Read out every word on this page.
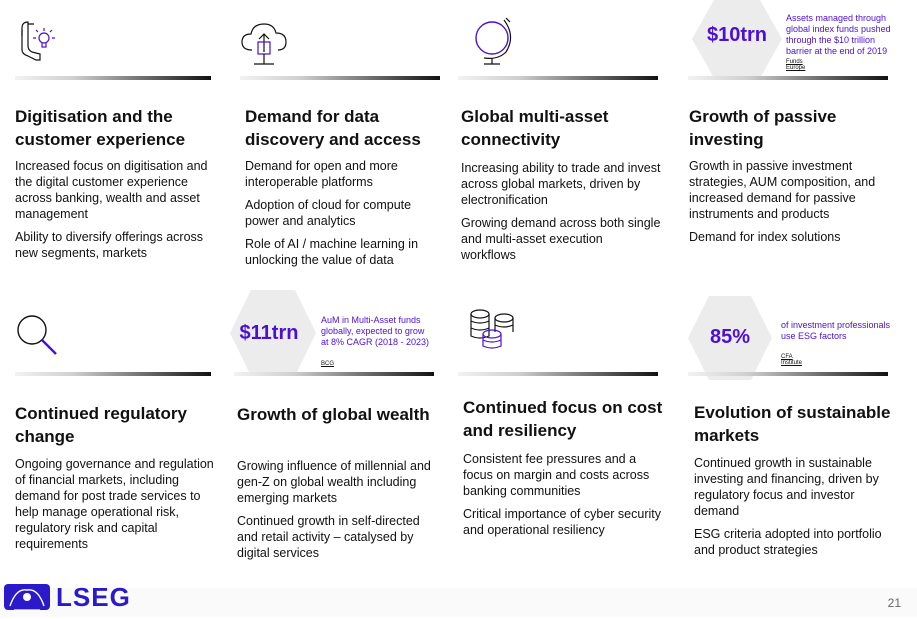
Digitisation and the customer experience

Increased focus on digitisation and the digital customer experience across banking, wealth and asset management

Ability to diversify offerings across new segments, markets

Demand for data discovery and access

Demand for open and more interoperable platforms

Adoption of cloud for compute power and analytics

Role of AI / machine learning in unlocking the value of data

Global multi-asset connectivity

Increasing ability to trade and invest across global markets, driven by electronification

Growing demand across both single and multi-asset execution workflows

$10trn
Assets managed through global index funds pushed through the $10 trillion barrier at the end of 2019
Funds Europe
Growth of passive investing

Growth in passive investment strategies, AUM composition, and increased demand for passive instruments and products

Demand for index solutions

Continued regulatory change

Ongoing governance and regulation of financial markets, including demand for post trade services to help manage operational risk, regulatory risk and capital requirements

$11trn
AuM in Multi-Asset funds globally, expected to grow at 8% CAGR (2018 - 2023)
BCG
Growth of global wealth

Growing influence of millennial and gen-Z on global wealth including emerging markets

Continued growth in self-directed and retail activity – catalysed by digital services

Continued focus on cost and resiliency

Consistent fee pressures and a focus on margin and costs across banking communities

Critical importance of cyber security and operational resiliency

85%
of investment professionals use ESG factors
CFA Institute
Evolution of sustainable markets

Continued growth in sustainable investing and financing, driven by regulatory focus and investor demand

ESG criteria adopted into portfolio and product strategies

LSEG	21
